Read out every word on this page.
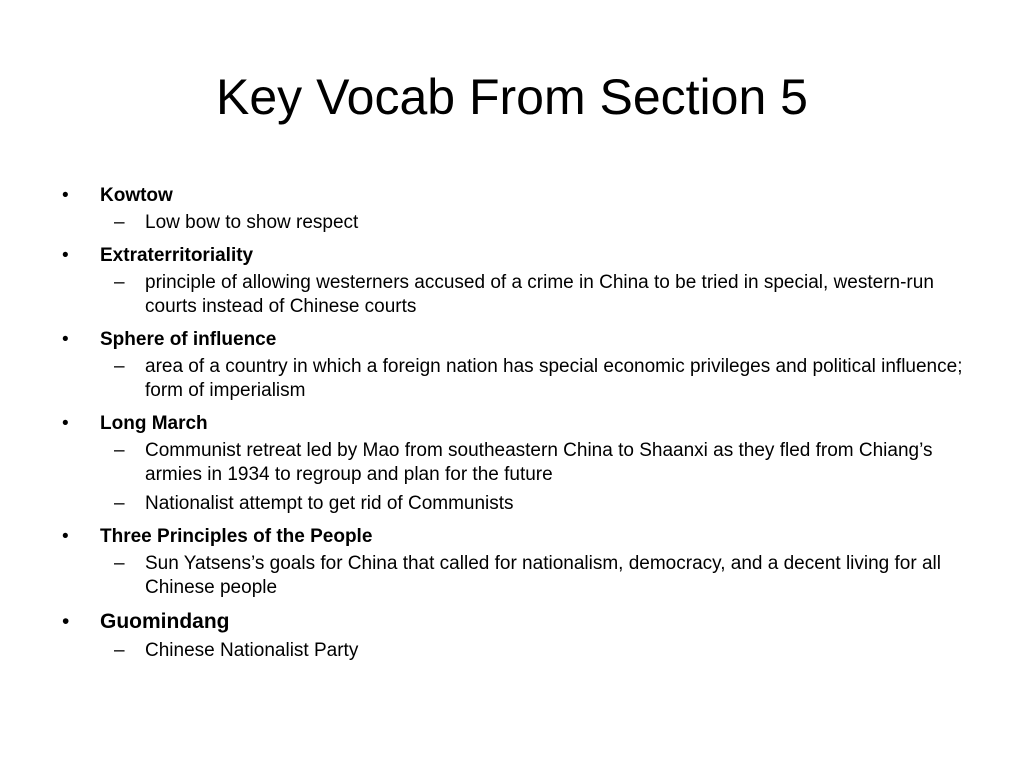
Key Vocab From Section 5
•	Kowtow
– Low bow to show respect
•	Extraterritoriality
– principle of allowing westerners accused of a crime in China to be tried in special, western-run courts instead of Chinese courts
•	Sphere of influence
– area of a country in which a foreign nation has special economic privileges and political influence; form of imperialism
•	Long March
– Communist retreat led by Mao from southeastern China to Shaanxi as they fled from Chiang’s armies in 1934 to regroup and plan for the future
– Nationalist attempt to get rid of Communists
•	Three Principles of the People
– Sun Yatsens’s goals for China that called for nationalism, democracy, and a decent living for all Chinese people
•	Guomindang
– Chinese Nationalist Party
